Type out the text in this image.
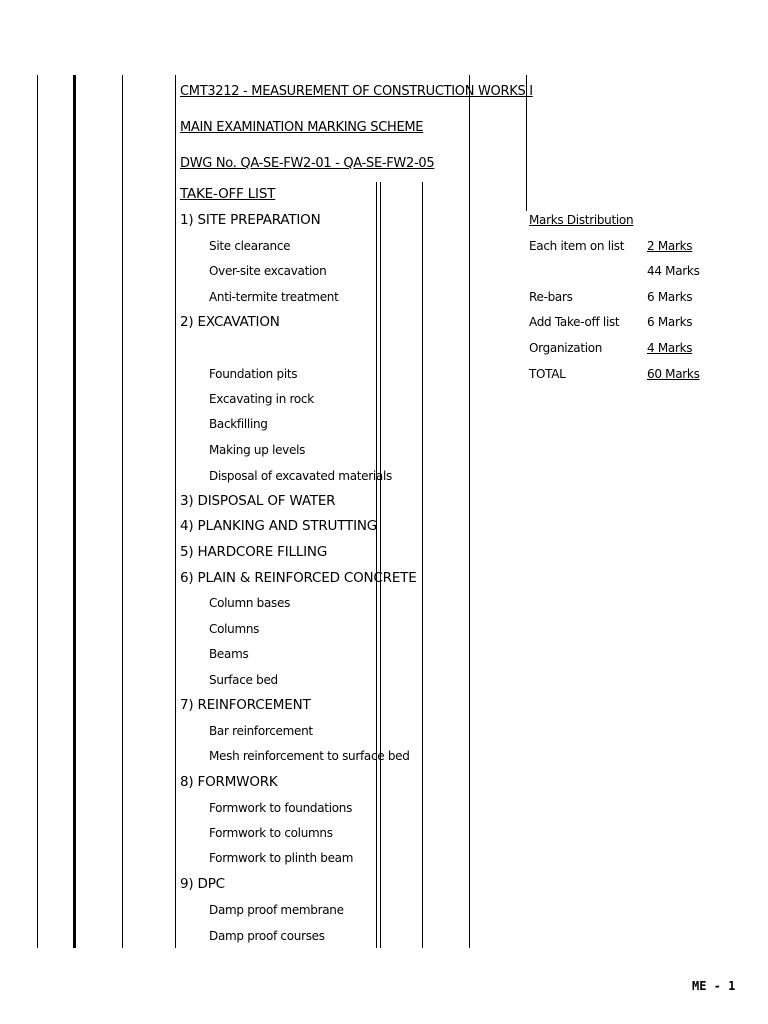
CMT3212 - MEASUREMENT OF CONSTRUCTION WORKS I
MAIN EXAMINATION MARKING SCHEME
DWG No. QA-SE-FW2-01 - QA-SE-FW2-05
TAKE-OFF LIST
1) SITE PREPARATION
Site clearance
Over-site excavation
Anti-termite treatment
2) EXCAVATION
Foundation pits
Excavating in rock
Backfilling
Making up levels
Disposal of excavated materials
3) DISPOSAL OF WATER
4) PLANKING AND STRUTTING
5) HARDCORE FILLING
6) PLAIN & REINFORCED CONCRETE
Column bases
Columns
Beams
Surface bed
7) REINFORCEMENT
Bar reinforcement
Mesh reinforcement to surface bed
8) FORMWORK
Formwork to foundations
Formwork to columns
Formwork to plinth beam
9) DPC
Damp proof membrane
Damp proof courses
Marks Distribution
Each item on list 2 Marks
44 Marks
Re-bars	6 Marks
Add Take-off list 6 Marks
Organization	4 Marks
TOTAL	60 Marks
ME - 1
